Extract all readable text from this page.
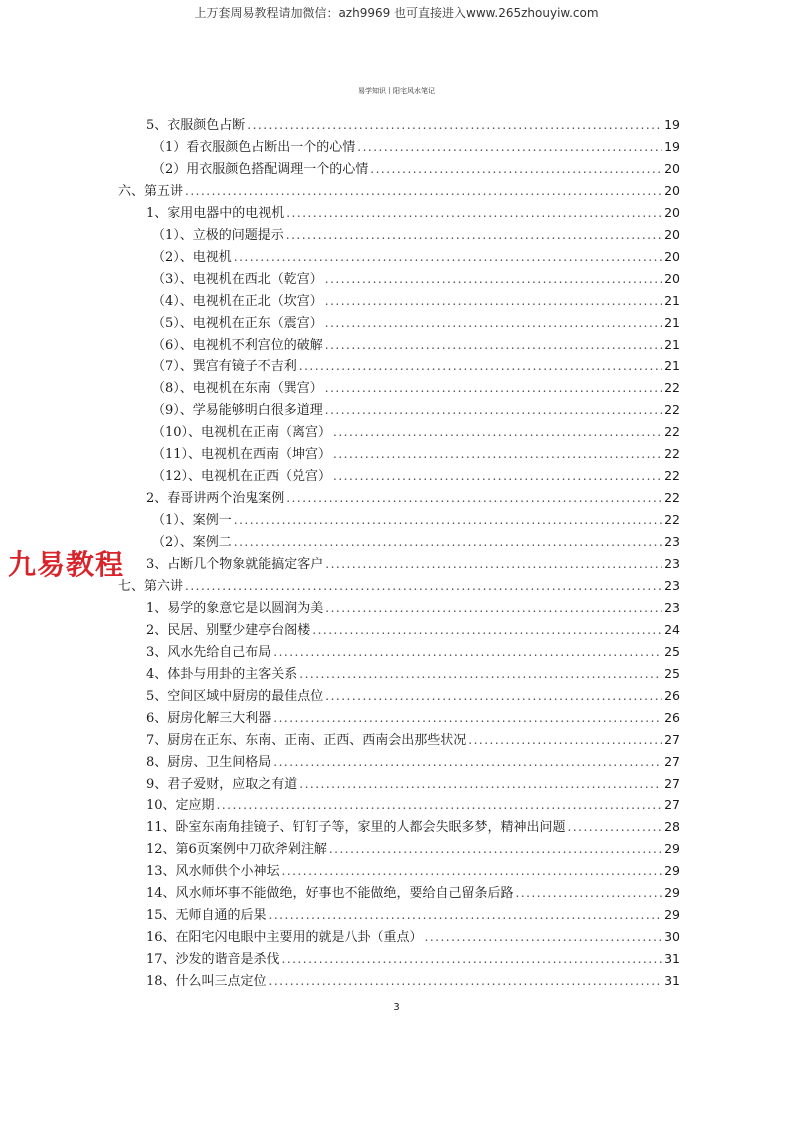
上万套周易教程请加微信：azh9969 也可直接进入www.265zhouyiw.com
易学知识丨阳宅风水笔记
九易教程
5、衣服颜色占断 .....	19
（1）看衣服颜色占断出一个的心情 .....	19
（2）用衣服颜色搭配调理一个的心情 .....	20
六、第五讲 .....	20
1、家用电器中的电视机 .....	20
（1）、立极的问题提示 .....	20
（2）、电视机 .....	20
（3）、电视机在西北（乾宫） .....	20
（4）、电视机在正北（坎宫） .....	21
（5）、电视机在正东（震宫） .....	21
（6）、电视机不利宫位的破解 .....	21
（7）、巽宫有镜子不吉利 .....	21
（8）、电视机在东南（巽宫） .....	22
（9）、学易能够明白很多道理 .....	22
（10）、电视机在正南（离宫） .....	22
（11）、电视机在西南（坤宫） .....	22
（12）、电视机在正西（兑宫） .....	22
2、春哥讲两个治鬼案例 .....	22
（1）、案例一 .....	22
（2）、案例二 .....	23
3、占断几个物象就能搞定客户 .....	23
七、第六讲 .....	23
1、易学的象意它是以圆润为美 .....	23
2、民居、别墅少建亭台阁楼 .....	24
3、风水先给自己布局 .....	25
4、体卦与用卦的主客关系 .....	25
5、空间区域中厨房的最佳点位 .....	26
6、厨房化解三大利器 .....	26
7、厨房在正东、东南、正南、正西、西南会出那些状况 .....	27
8、厨房、卫生间格局 .....	27
9、君子爱财，应取之有道 .....	27
10、定应期 .....	27
11、卧室东南角挂镜子、钉钉子等，家里的人都会失眠多梦，精神出问题 .....	28
12、第6页案例中刀砍斧剁注解 .....	29
13、风水师供个小神坛 .....	29
14、风水师坏事不能做绝，好事也不能做绝，要给自己留条后路 .....	29
15、无师自通的后果 .....	29
16、在阳宅闪电眼中主要用的就是八卦（重点） .....	30
17、沙发的谐音是杀伐 .....	31
18、什么叫三点定位 .....	31
3
